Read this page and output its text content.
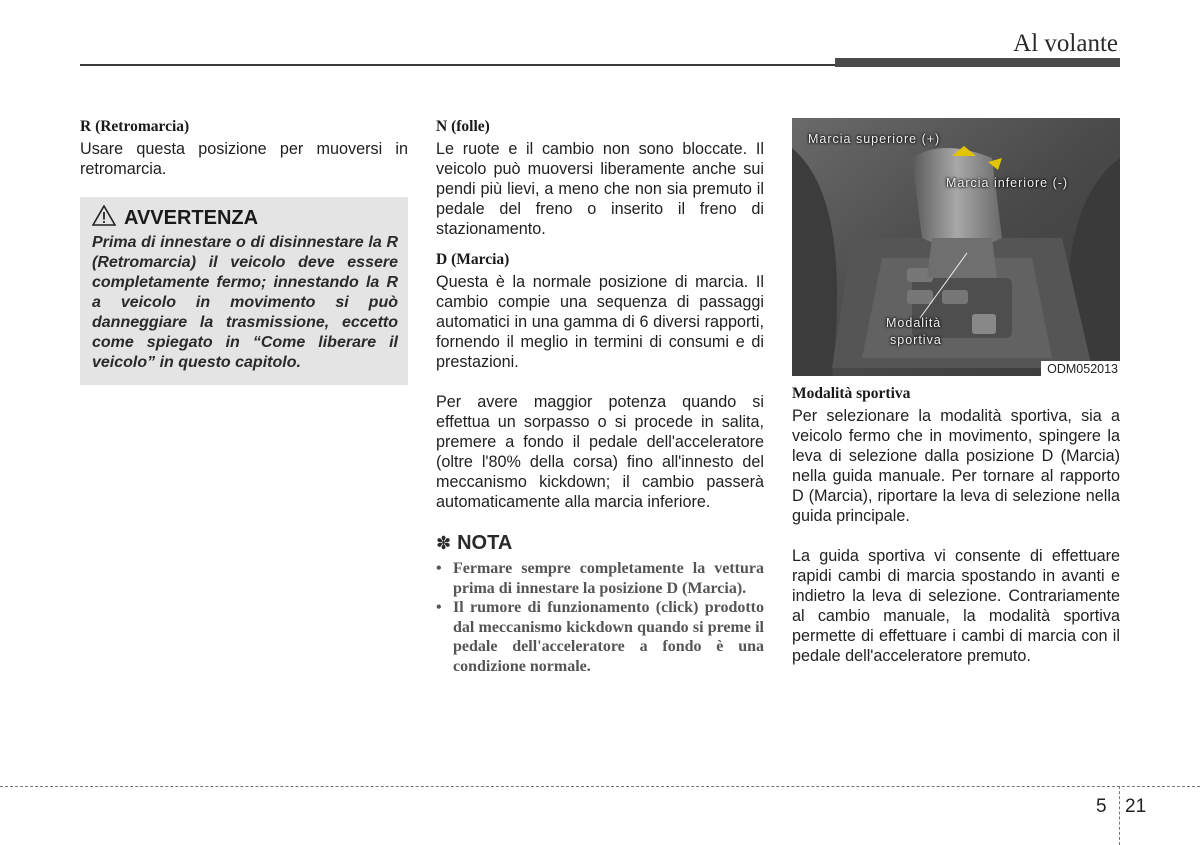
Al volante
R (Retromarcia)

Usare questa posizione per muoversi in retromarcia.

AVVERTENZA

Prima di innestare o di disinnestare la R (Retromarcia) il veicolo deve essere completamente fermo; innestando la R a veicolo in movimento si può danneggiare la trasmissione, eccetto come spiegato in “Come liberare il veicolo” in questo capitolo.

N (folle)

Le ruote e il cambio non sono bloccate. Il veicolo può muoversi liberamente anche sui pendi più lievi, a meno che non sia premuto il pedale del freno o inserito il freno di stazionamento.

D (Marcia)

Questa è la normale posizione di marcia. Il cambio compie una sequenza di passaggi automatici in una gamma di 6 diversi rapporti, fornendo il meglio in termini di consumi e di prestazioni.

Per avere maggior potenza quando si effettua un sorpasso o si procede in salita, premere a fondo il pedale dell'acceleratore (oltre l'80% della corsa) fino all'innesto del meccanismo kickdown; il cambio passerà automaticamente alla marcia inferiore.

✽ NOTA

• Fermare sempre completamente la vettura prima di innestare la posizione D (Marcia).

• Il rumore di funzionamento (click) prodotto dal meccanismo kickdown quando si preme il pedale dell'acceleratore a fondo è una condizione normale.

Marcia superiore (+)
Marcia inferiore (-)
Modalità
sportiva
ODM052013
Modalità sportiva

Per selezionare la modalità sportiva, sia a veicolo fermo che in movimento, spingere la leva di selezione dalla posizione D (Marcia) nella guida manuale. Per tornare al rapporto D (Marcia), riportare la leva di selezione nella guida principale.

La guida sportiva vi consente di effettuare rapidi cambi di marcia spostando in avanti e indietro la leva di selezione. Contrariamente al cambio manuale, la modalità sportiva permette di effettuare i cambi di marcia con il pedale dell'acceleratore premuto.

5 21
